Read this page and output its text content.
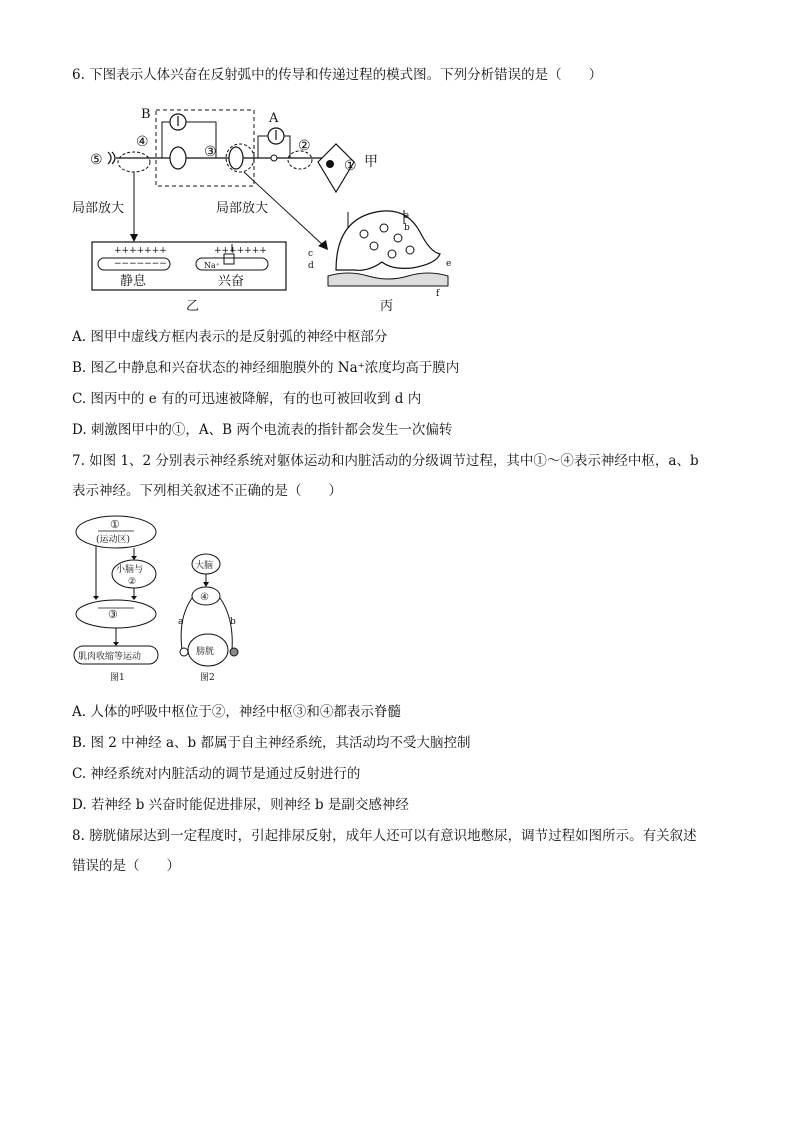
6. 下图表示人体兴奋在反射弧中的传导和传递过程的模式图。下列分析错误的是（　　）
B	A
④
③
⑤
②
① 甲
局部放大	局部放大
+++++++
−−−−−−−
+++++++
Na⁺
静息	兴奋
乙
a
b
c
d	e
f
丙
A. 图甲中虚线方框内表示的是反射弧的神经中枢部分
B. 图乙中静息和兴奋状态的神经细胞膜外的 Na⁺浓度均高于膜内
C. 图丙中的 e 有的可迅速被降解，有的也可被回收到 d 内
D. 刺激图甲中的①，A、B 两个电流表的指针都会发生一次偏转
7. 如图 1、2 分别表示神经系统对躯体运动和内脏活动的分级调节过程，其中①～④表示神经中枢，a、b
表示神经。下列相关叙述不正确的是（　　）
①
(运动区)
小脑与
②
③
肌肉收缩等运动
图1
大脑
④
膀胱
a	b
图2
A. 人体的呼吸中枢位于②，神经中枢③和④都表示脊髓
B. 图 2 中神经 a、b 都属于自主神经系统，其活动均不受大脑控制
C. 神经系统对内脏活动的调节是通过反射进行的
D. 若神经 b 兴奋时能促进排尿，则神经 b 是副交感神经
8. 膀胱储尿达到一定程度时，引起排尿反射，成年人还可以有意识地憋尿，调节过程如图所示。有关叙述
错误的是（　　）
